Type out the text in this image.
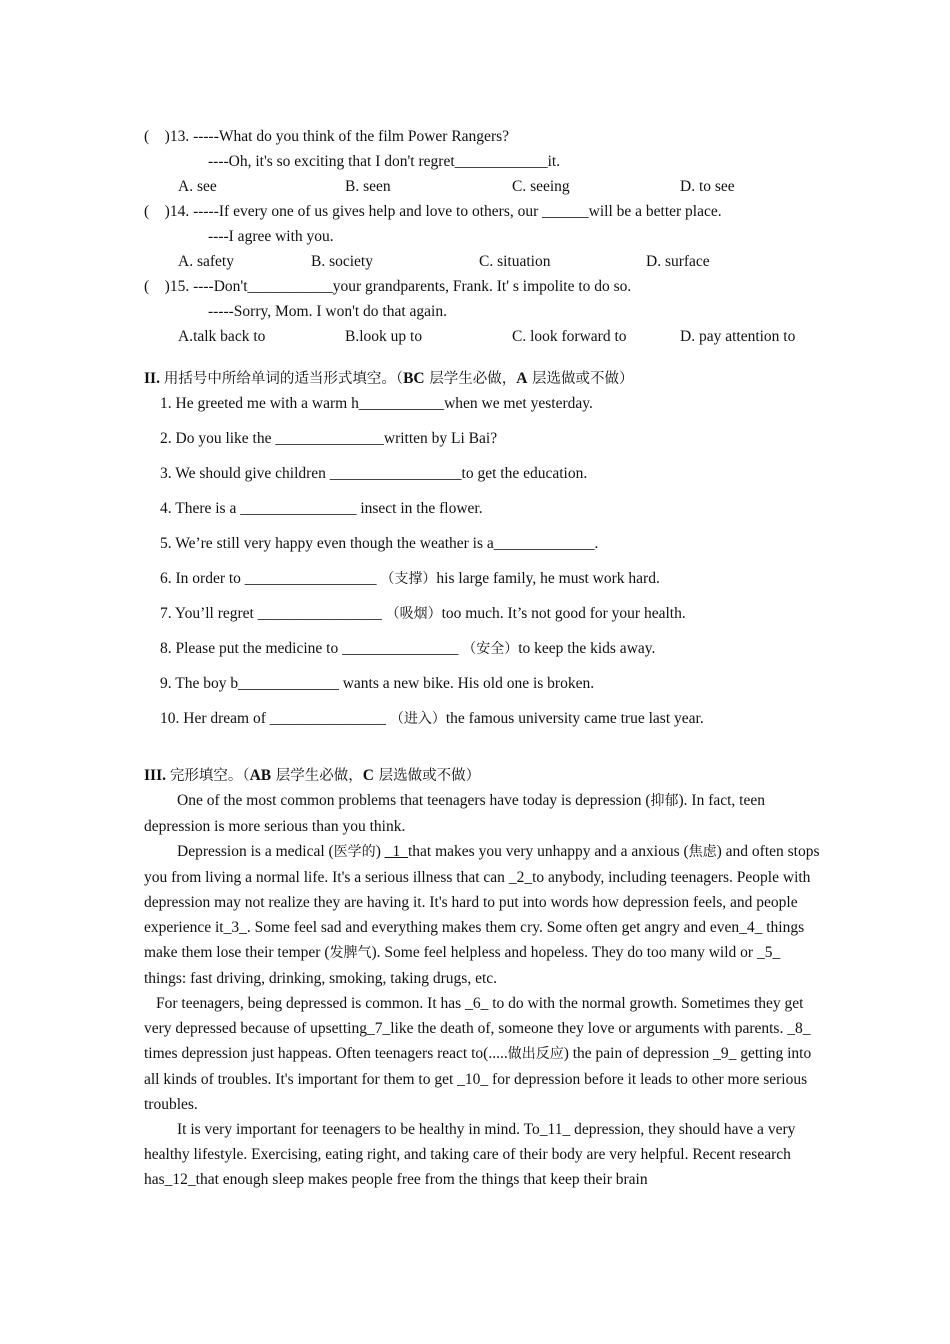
(    )13. -----What do you think of the film Power Rangers?
----Oh, it's so exciting that I don't regret____________it.
A. see	B. seen	C. seeing	D. to see
(    )14. -----If every one of us gives help and love to others, our ______will be a better place.
----I agree with you.
A. safety	B. society	C. situation	D. surface
(    )15. ----Don't___________your grandparents, Frank. It' s impolite to do so.
-----Sorry, Mom. I won't do that again.
A.talk back to	B.look up to	C. look forward to	D. pay attention to
II. 用括号中所给单词的适当形式填空。（BC 层学生必做，A 层选做或不做）
1. He greeted me with a warm h___________when we met yesterday.
2. Do you like the ______________written by Li Bai?
3. We should give children _________________to get the education.
4. There is a _______________ insect in the flower.
5. We’re still very happy even though the weather is a_____________.
6. In order to _________________ （支撑）his large family, he must work hard.
7. You’ll regret ________________ （吸烟）too much. It’s not good for your health.
8. Please put the medicine to _______________ （安全）to keep the kids away.
9. The boy b_____________ wants a new bike. His old one is broken.
10. Her dream of _______________ （进入）the famous university came true last year.
III. 完形填空。（AB 层学生必做，C 层选做或不做）
One of the most common problems that teenagers have today is depression (抑郁). In fact, teen depression is more serious than you think.
Depression is a medical (医学的) _1_that makes you very unhappy and a anxious (焦虑) and often stops you from living a normal life. It's a serious illness that can _2_to anybody, including teenagers. People with depression may not realize they are having it. It's hard to put into words how depression feels, and people experience it_3_. Some feel sad and everything makes them cry. Some often get angry and even_4_ things make them lose their temper (发脾气). Some feel helpless and hopeless. They do too many wild or _5_ things: fast driving, drinking, smoking, taking drugs, etc.
For teenagers, being depressed is common. It has _6_ to do with the normal growth. Sometimes they get very depressed because of upsetting_7_like the death of, someone they love or arguments with parents. _8_ times depression just happeas. Often teenagers react to(.....做出反应) the pain of depression _9_ getting into all kinds of troubles. It's important for them to get _10_ for depression before it leads to other more serious troubles.
It is very important for teenagers to be healthy in mind. To_11_ depression, they should have a very healthy lifestyle. Exercising, eating right, and taking care of their body are very helpful. Recent research has_12_that enough sleep makes people free from the things that keep their brain
